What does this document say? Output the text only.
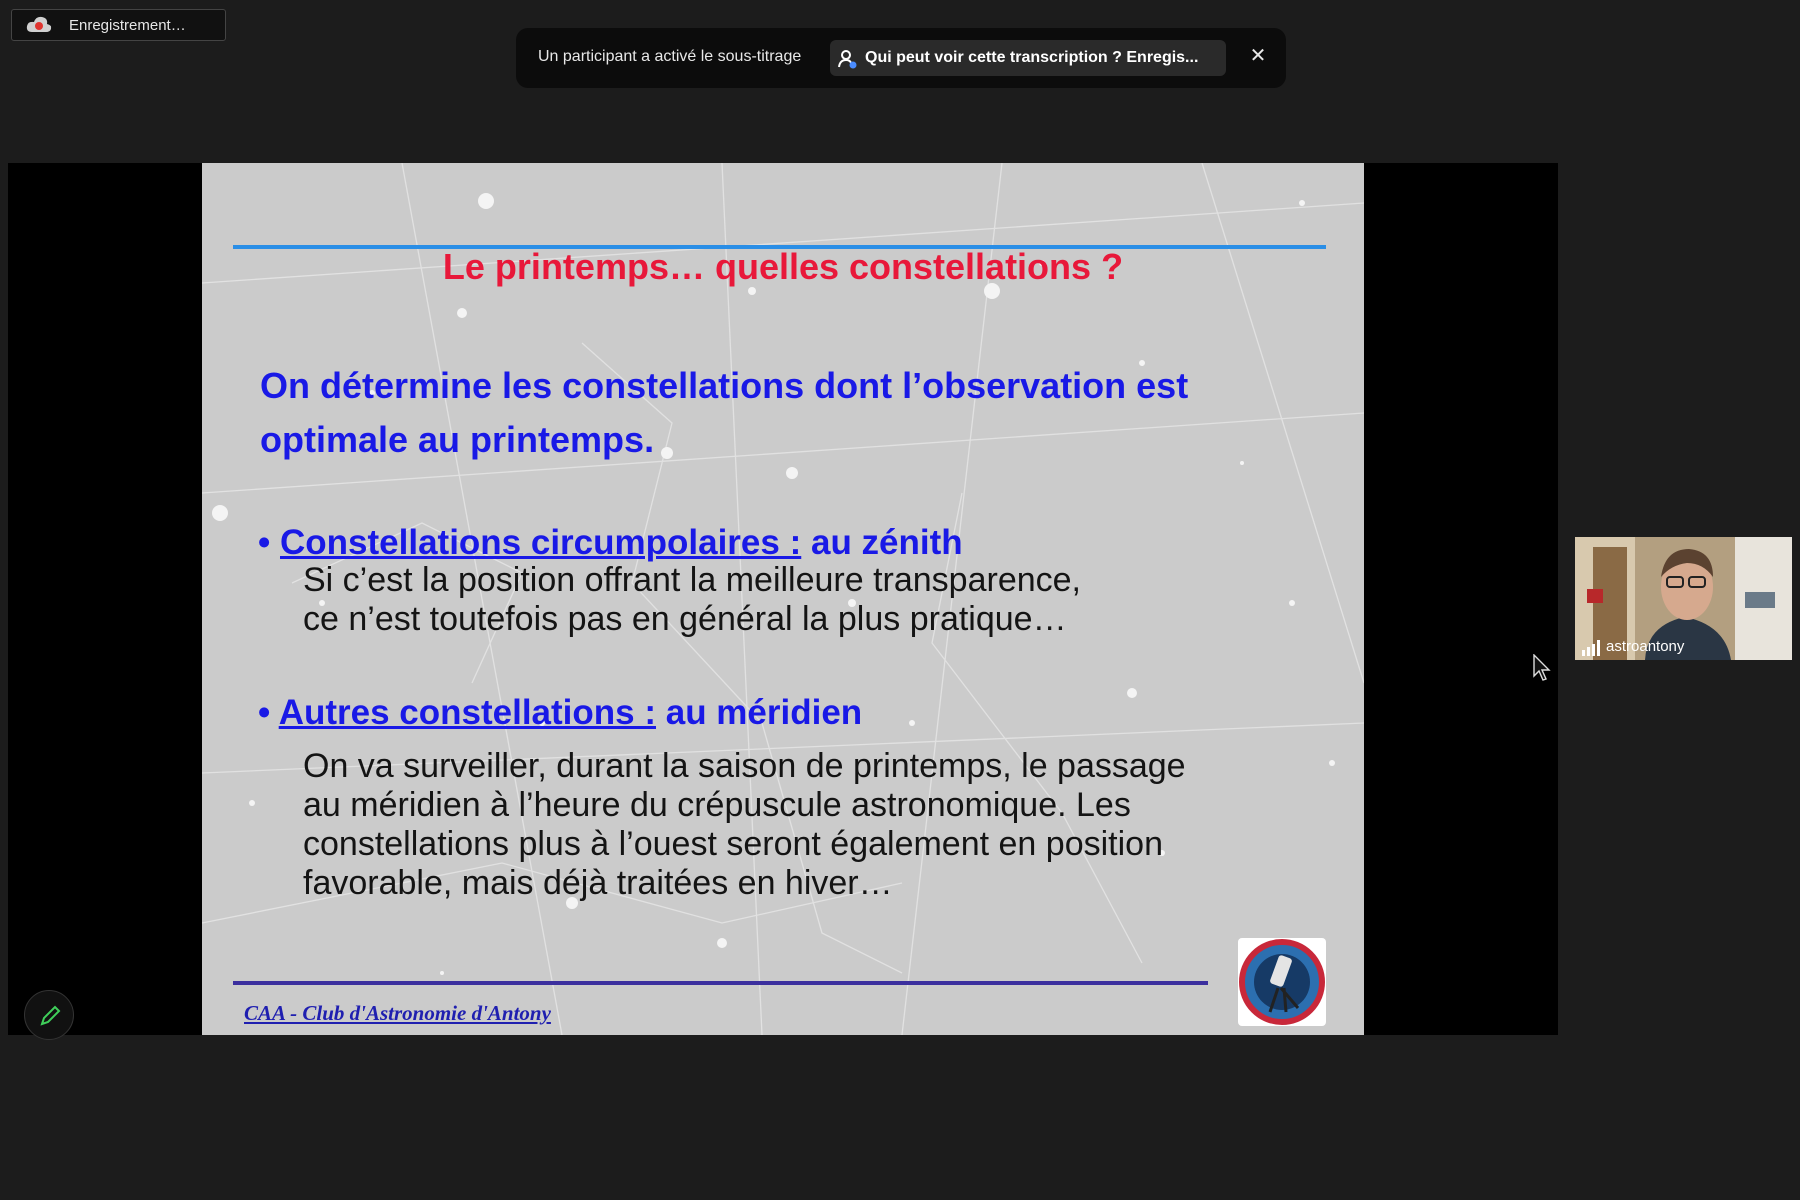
Enregistrement…
Un participant a activé le sous-titrage	Qui peut voir cette transcription ? Enregis...	✕
Le printemps… quelles constellations ?
On détermine les constellations dont l’observation est optimale au printemps.
• Constellations circumpolaires : au zénith
Si c’est la position offrant la meilleure transparence,
ce n’est toutefois pas en général la plus pratique…
• Autres constellations : au méridien
On va surveiller, durant la saison de printemps, le passage
au méridien à l’heure du crépuscule astronomique. Les
constellations plus à l’ouest seront également en position
favorable, mais déjà traitées en hiver…
CAA - Club d'Astronomie d'Antony
astroantony
